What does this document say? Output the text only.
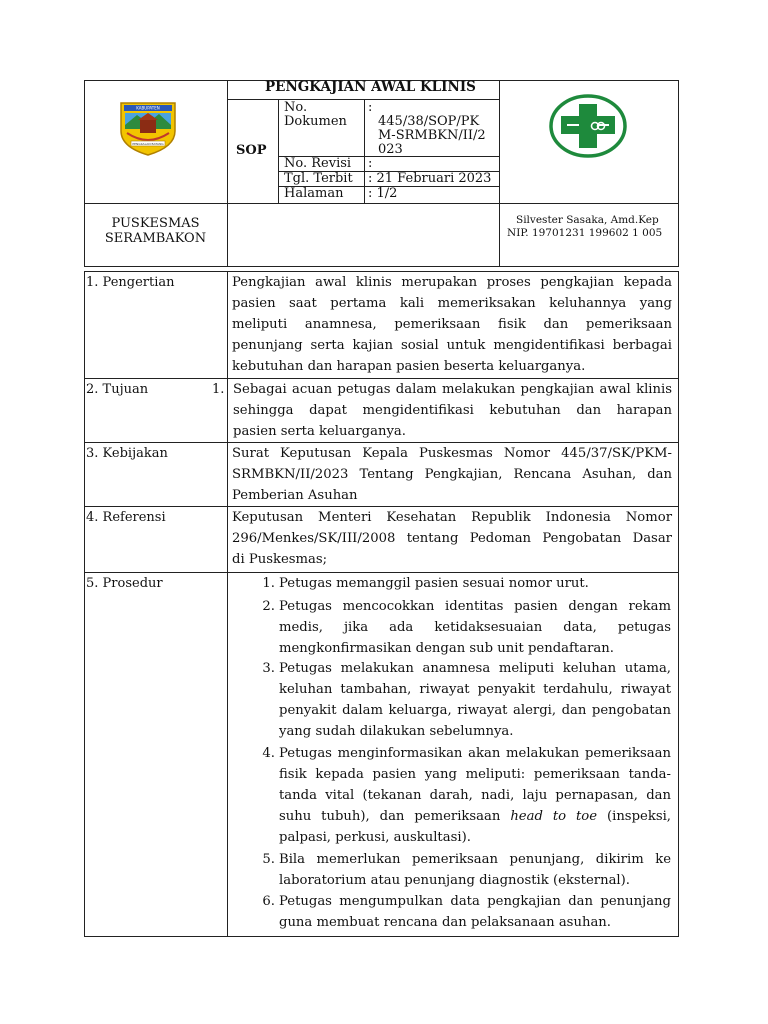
KABUPATEN
PENGKALAN BATANG
PENGKAJIAN AWAL KLINIS
SOP
No.
Dokumen
:
445/38/SOP/PK
M-SRMBKN/II/2
023
No. Revisi :
Tgl. Terbit : 21 Februari 2023
Halaman : 1/2
PUSKESMAS
SERAMBAKON
Silvester Sasaka, Amd.Kep
NIP. 19701231 199602 1 005
1. Pengertian
2. Tujuan	1.
3. Kebijakan
4. Referensi
5. Prosedur
Pengkajian awal klinis merupakan proses pengkajian kepada
pasien saat pertama kali memeriksakan keluhannya yang
meliputi anamnesa, pemeriksaan fisik dan pemeriksaan
penunjang serta kajian sosial untuk mengidentifikasi berbagai
kebutuhan dan harapan pasien beserta keluarganya.
Sebagai acuan petugas dalam melakukan pengkajian awal klinis
sehingga dapat mengidentifikasi kebutuhan dan harapan
pasien serta keluarganya.
Surat Keputusan Kepala Puskesmas Nomor 445/37/SK/PKM-
SRMBKN/II/2023 Tentang Pengkajian, Rencana Asuhan, dan
Pemberian Asuhan
Keputusan Menteri Kesehatan Republik Indonesia Nomor
296/Menkes/SK/III/2008 tentang Pedoman Pengobatan Dasar
di Puskesmas;
1. Petugas memanggil pasien sesuai nomor urut.
2. Petugas mencocokkan identitas pasien dengan rekam
medis, jika ada ketidaksesuaian data, petugas
mengkonfirmasikan dengan sub unit pendaftaran.
3. Petugas melakukan anamnesa meliputi keluhan utama,
keluhan tambahan, riwayat penyakit terdahulu, riwayat
penyakit dalam keluarga, riwayat alergi, dan pengobatan
yang sudah dilakukan sebelumnya.
4. Petugas menginformasikan akan melakukan pemeriksaan
fisik kepada pasien yang meliputi: pemeriksaan tanda-
tanda vital (tekanan darah, nadi, laju pernapasan, dan
suhu tubuh), dan pemeriksaan head to toe (inspeksi,
palpasi, perkusi, auskultasi).
5. Bila memerlukan pemeriksaan penunjang, dikirim ke
laboratorium atau penunjang diagnostik (eksternal).
6. Petugas mengumpulkan data pengkajian dan penunjang
guna membuat rencana dan pelaksanaan asuhan.
